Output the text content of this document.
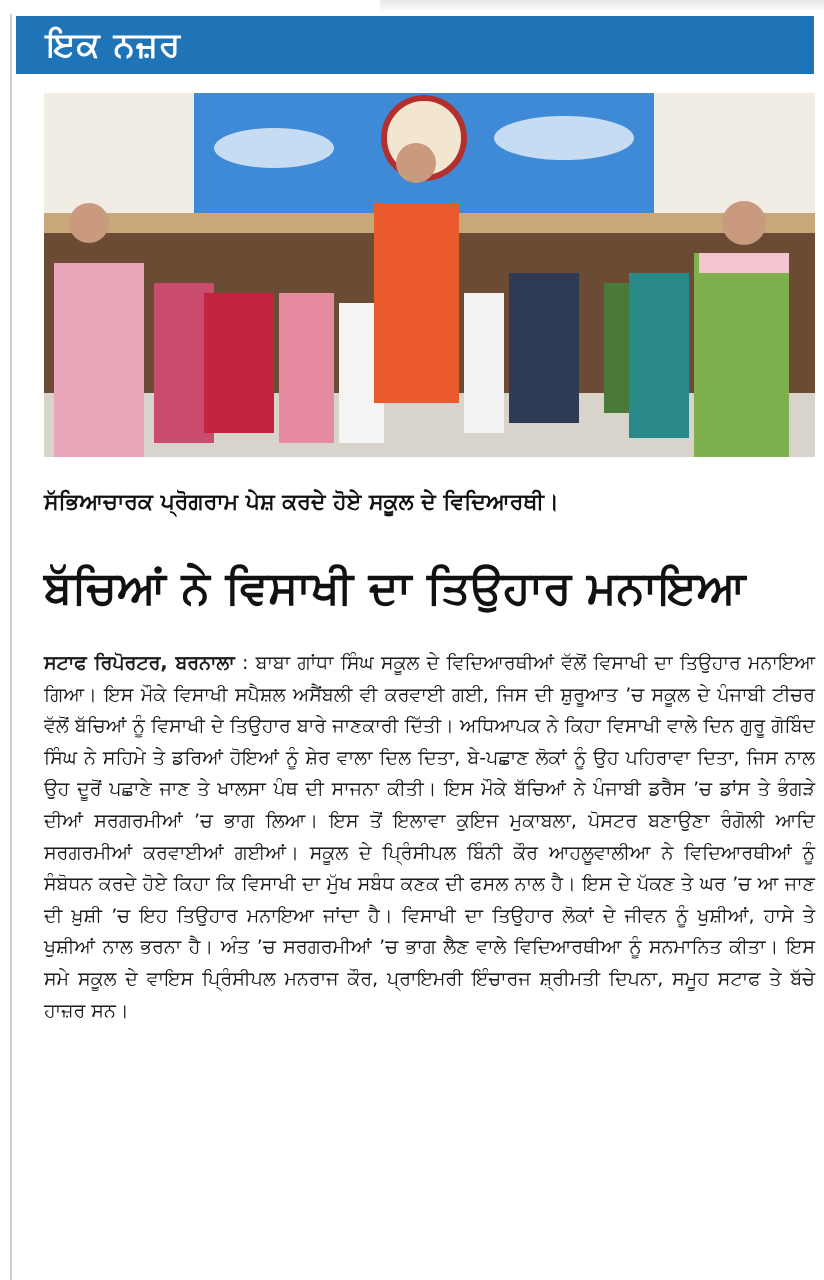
ਇਕ ਨਜ਼ਰ
ਸੱਭਿਆਚਾਰਕ ਪ੍ਰੋਗਰਾਮ ਪੇਸ਼ ਕਰਦੇ ਹੋਏ ਸਕੂਲ ਦੇ ਵਿਦਿਆਰਥੀ।
ਬੱਚਿਆਂ ਨੇ ਵਿਸਾਖੀ ਦਾ ਤਿਉਹਾਰ ਮਨਾਇਆ
ਸਟਾਫ ਰਿਪੋਰਟਰ, ਬਰਨਾਲਾ : ਬਾਬਾ ਗਾਂਧਾ ਸਿੰਘ ਸਕੂਲ ਦੇ ਵਿਦਿਆਰਥੀਆਂ ਵੱਲੋਂ ਵਿਸਾਖੀ ਦਾ ਤਿਉਹਾਰ ਮਨਾਇਆ ਗਿਆ। ਇਸ ਮੌਕੇ ਵਿਸਾਖੀ ਸਪੈਸ਼ਲ ਅਸੈਂਬਲੀ ਵੀ ਕਰਵਾਈ ਗਈ, ਜਿਸ ਦੀ ਸ਼ੁਰੂਆਤ ’ਚ ਸਕੂਲ ਦੇ ਪੰਜਾਬੀ ਟੀਚਰ ਵੱਲੋਂ ਬੱਚਿਆਂ ਨੂੰ ਵਿਸਾਖੀ ਦੇ ਤਿਉਹਾਰ ਬਾਰੇ ਜਾਣਕਾਰੀ ਦਿੱਤੀ। ਅਧਿਆਪਕ ਨੇ ਕਿਹਾ ਵਿਸਾਖੀ ਵਾਲੇ ਦਿਨ ਗੁਰੂ ਗੋਬਿੰਦ ਸਿੰਘ ਨੇ ਸਹਿਮੇ ਤੇ ਡਰਿਆਂ ਹੋਇਆਂ ਨੂੰ ਸ਼ੇਰ ਵਾਲਾ ਦਿਲ ਦਿਤਾ, ਬੇ-ਪਛਾਣ ਲੋਕਾਂ ਨੂੰ ਉਹ ਪਹਿਰਾਵਾ ਦਿਤਾ, ਜਿਸ ਨਾਲ ਉਹ ਦੂਰੋਂ ਪਛਾਣੇ ਜਾਣ ਤੇ ਖਾਲਸਾ ਪੰਥ ਦੀ ਸਾਜਨਾ ਕੀਤੀ। ਇਸ ਮੌਕੇ ਬੱਚਿਆਂ ਨੇ ਪੰਜਾਬੀ ਡਰੈਸ ’ਚ ਡਾਂਸ ਤੇ ਭੰਗੜੇ ਦੀਆਂ ਸਰਗਰਮੀਆਂ ’ਚ ਭਾਗ ਲਿਆ। ਇਸ ਤੋਂ ਇਲਾਵਾ ਕੁਇਜ ਮੁਕਾਬਲਾ, ਪੋਸਟਰ ਬਣਾਉਣਾ ਰੰਗੋਲੀ ਆਦਿ ਸਰਗਰਮੀਆਂ ਕਰਵਾਈਆਂ ਗਈਆਂ। ਸਕੂਲ ਦੇ ਪ੍ਰਿੰਸੀਪਲ ਬਿੰਨੀ ਕੌਰ ਆਹਲੂਵਾਲੀਆ ਨੇ ਵਿਦਿਆਰਥੀਆਂ ਨੂੰ ਸੰਬੋਧਨ ਕਰਦੇ ਹੋਏ ਕਿਹਾ ਕਿ ਵਿਸਾਖੀ ਦਾ ਮੁੱਖ ਸਬੰਧ ਕਣਕ ਦੀ ਫਸਲ ਨਾਲ ਹੈ। ਇਸ ਦੇ ਪੱਕਣ ਤੇ ਘਰ ’ਚ ਆ ਜਾਣ ਦੀ ਖ਼ੁਸ਼ੀ ’ਚ ਇਹ ਤਿਉਹਾਰ ਮਨਾਇਆ ਜਾਂਦਾ ਹੈ। ਵਿਸਾਖੀ ਦਾ ਤਿਉਹਾਰ ਲੋਕਾਂ ਦੇ ਜੀਵਨ ਨੂੰ ਖੁਸ਼ੀਆਂ, ਹਾਸੇ ਤੇ ਖੁਸ਼ੀਆਂ ਨਾਲ ਭਰਨਾ ਹੈ। ਅੰਤ ’ਚ ਸਰਗਰਮੀਆਂ ’ਚ ਭਾਗ ਲੈਣ ਵਾਲੇ ਵਿਦਿਆਰਥੀਆ ਨੂੰ ਸਨਮਾਨਿਤ ਕੀਤਾ। ਇਸ ਸਮੇ ਸਕੂਲ ਦੇ ਵਾਇਸ ਪ੍ਰਿੰਸੀਪਲ ਮਨਰਾਜ ਕੌਰ, ਪ੍ਰਾਇਮਰੀ ਇੰਚਾਰਜ ਸ਼੍ਰੀਮਤੀ ਦਿਪਨਾ, ਸਮੂਹ ਸਟਾਫ ਤੇ ਬੱਚੇ ਹਾਜ਼ਰ ਸਨ।
